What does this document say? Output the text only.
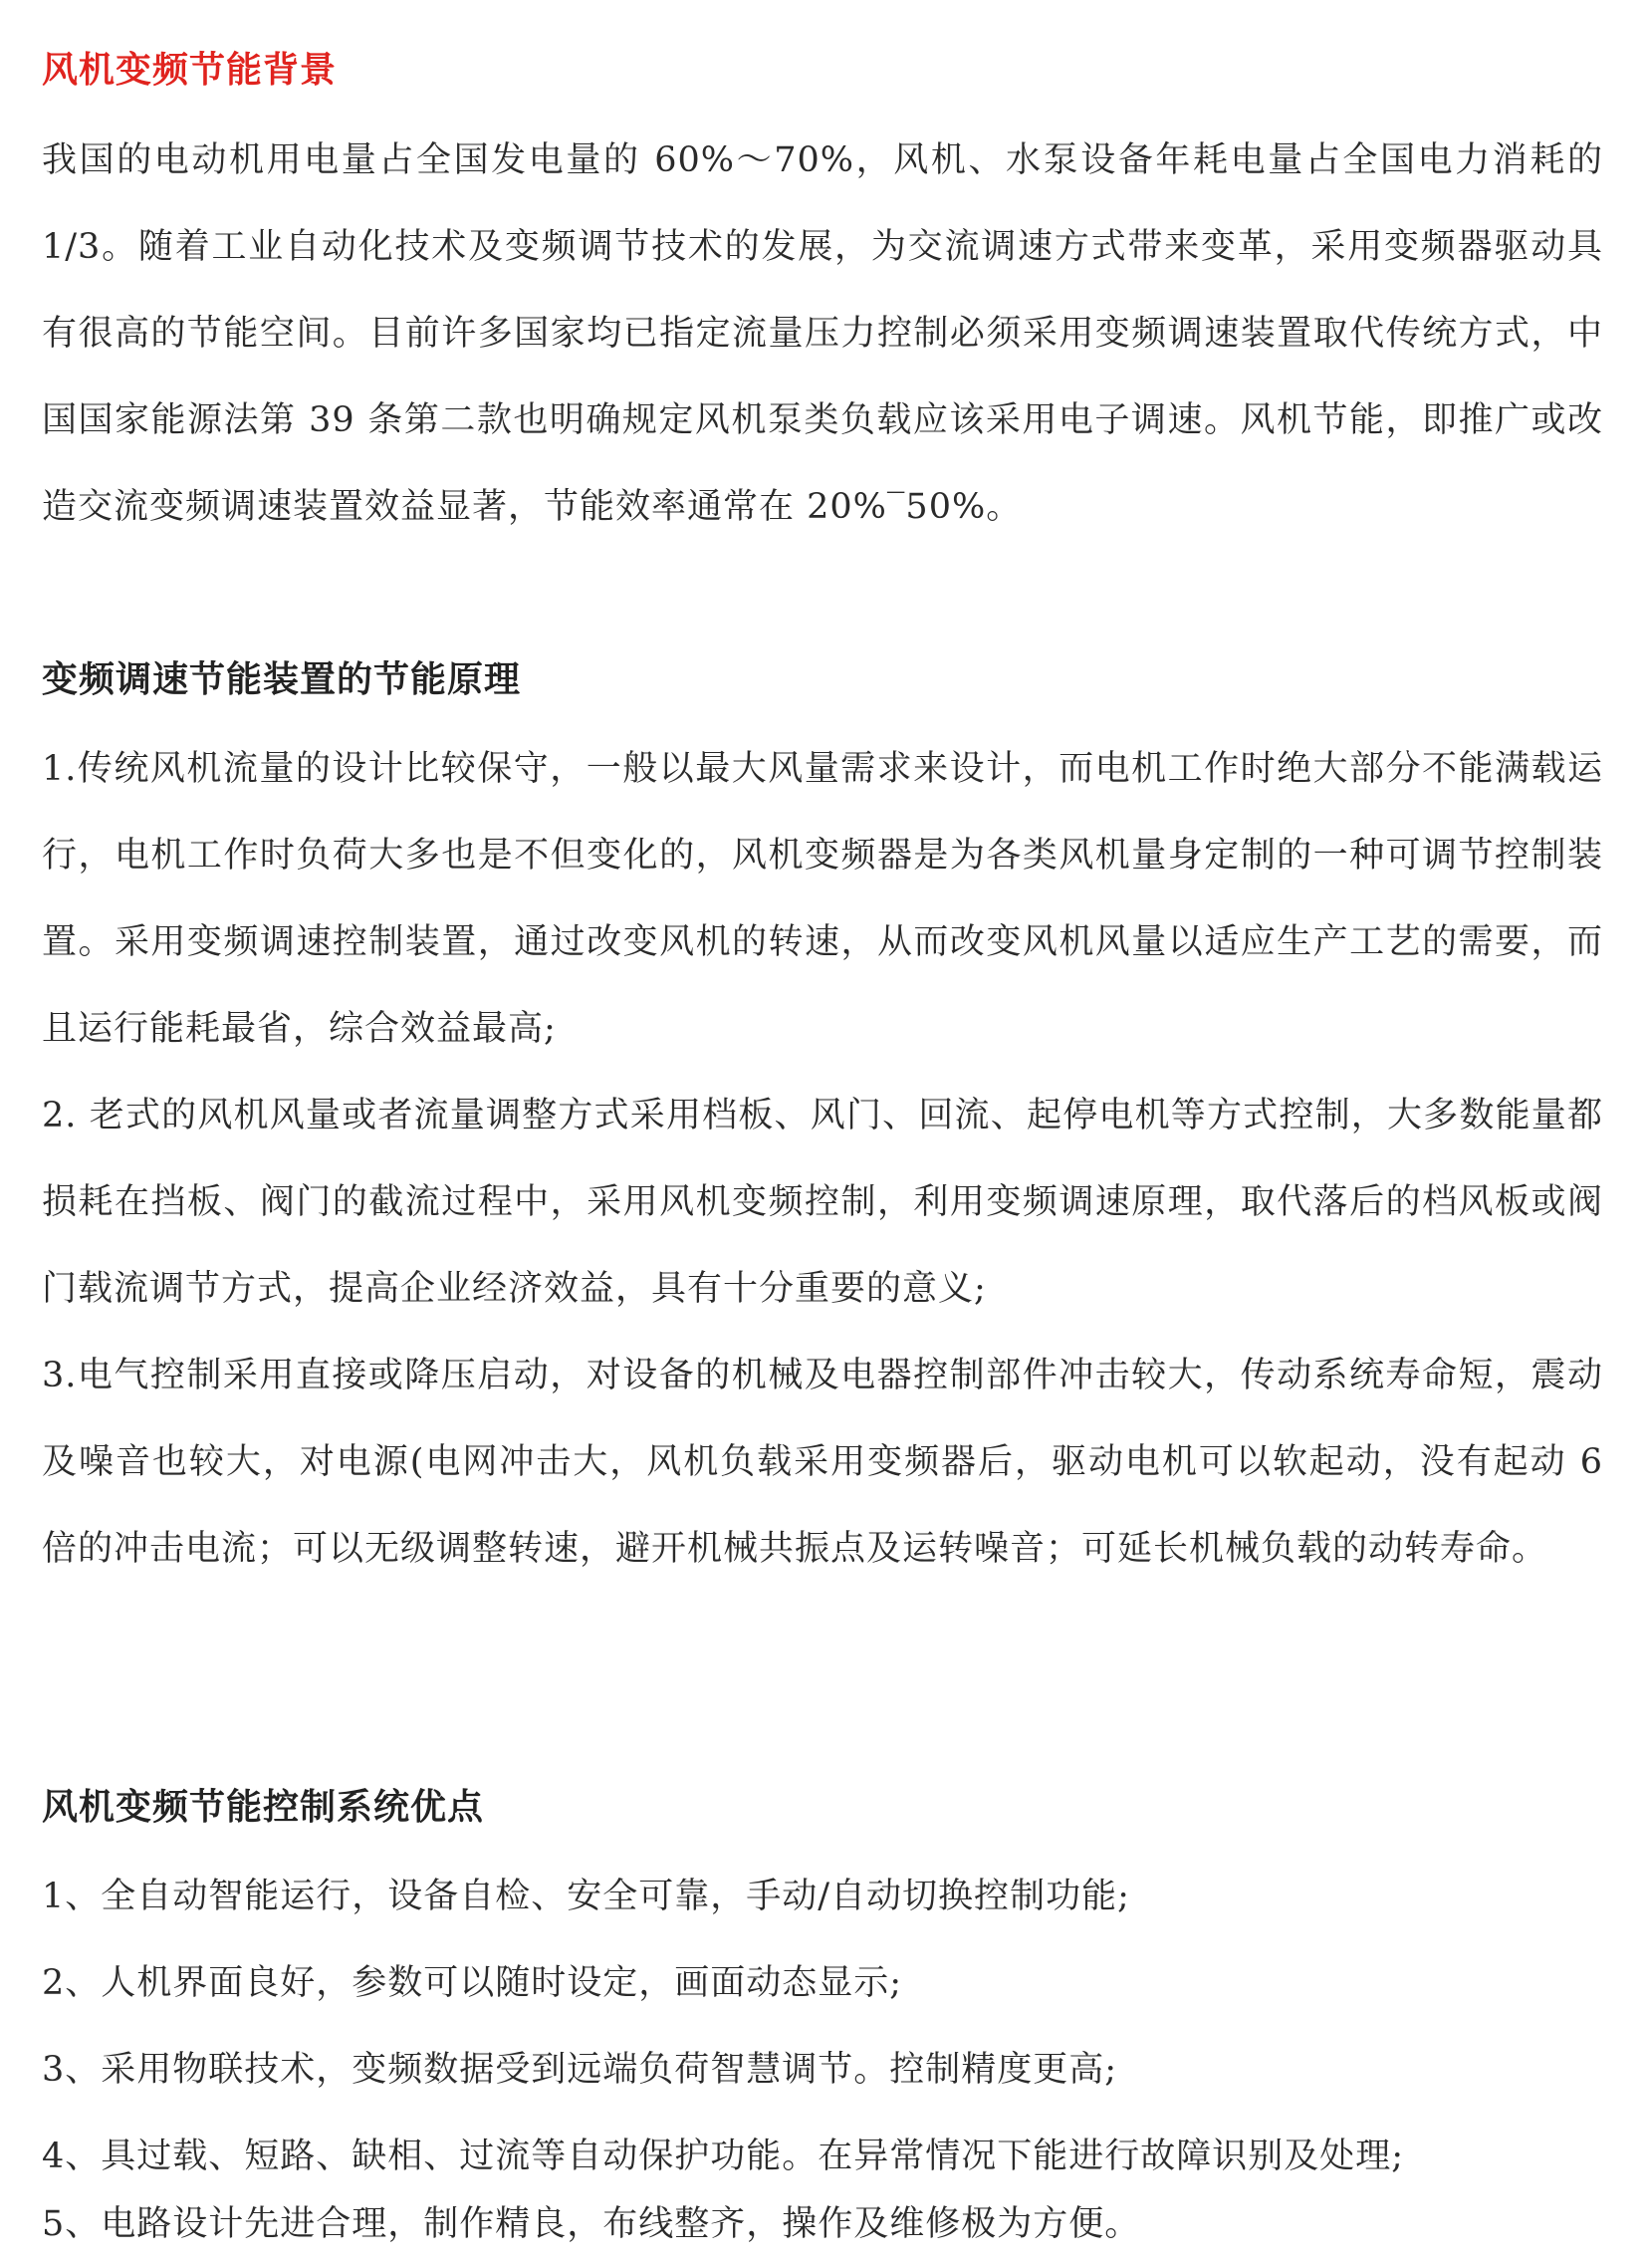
风机变频节能背景
我国的电动机用电量占全国发电量的 60%～70%，风机、水泵设备年耗电量占全国电力消耗的1/3。随着工业自动化技术及变频调节技术的发展，为交流调速方式带来变革，采用变频器驱动具有很高的节能空间。目前许多国家均已指定流量压力控制必须采用变频调速装置取代传统方式，中国国家能源法第 39 条第二款也明确规定风机泵类负载应该采用电子调速。风机节能，即推广或改造交流变频调速装置效益显著，节能效率通常在 20%‾50%。
变频调速节能装置的节能原理
1.传统风机流量的设计比较保守，一般以最大风量需求来设计，而电机工作时绝大部分不能满载运行，电机工作时负荷大多也是不但变化的，风机变频器是为各类风机量身定制的一种可调节控制装置。采用变频调速控制装置，通过改变风机的转速，从而改变风机风量以适应生产工艺的需要，而且运行能耗最省，综合效益最高;
2. 老式的风机风量或者流量调整方式采用档板、风门、回流、起停电机等方式控制，大多数能量都损耗在挡板、阀门的截流过程中，采用风机变频控制，利用变频调速原理，取代落后的档风板或阀门载流调节方式，提高企业经济效益，具有十分重要的意义;
3.电气控制采用直接或降压启动，对设备的机械及电器控制部件冲击较大，传动系统寿命短，震动及噪音也较大，对电源(电网冲击大，风机负载采用变频器后，驱动电机可以软起动，没有起动 6 倍的冲击电流；可以无级调整转速，避开机械共振点及运转噪音；可延长机械负载的动转寿命。
风机变频节能控制系统优点
1、全自动智能运行，设备自检、安全可靠，手动/自动切换控制功能;
2、人机界面良好，参数可以随时设定，画面动态显示;
3、采用物联技术，变频数据受到远端负荷智慧调节。控制精度更高;
4、具过载、短路、缺相、过流等自动保护功能。在异常情况下能进行故障识别及处理;
5、电路设计先进合理，制作精良，布线整齐，操作及维修极为方便。
